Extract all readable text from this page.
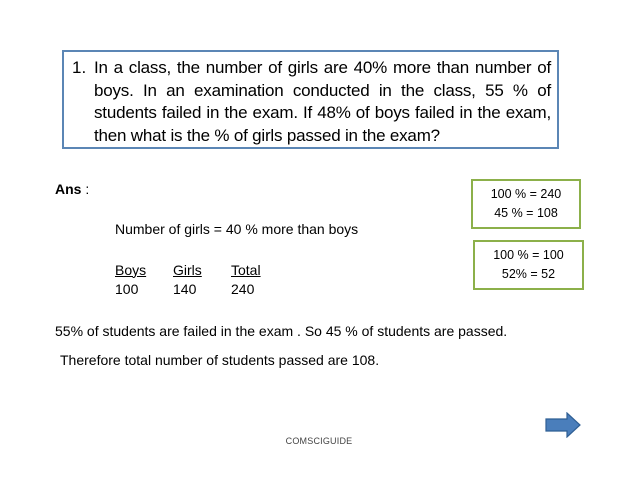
1. In a class, the number of girls are 40% more than number of boys. In an examination conducted in the class, 55 % of students failed in the exam. If 48% of boys failed in the exam, then what is the % of girls passed in the exam?
Ans :
Number of girls = 40 % more than boys
Boys	Girls	Total
100	140	240
55% of students are failed in the exam . So 45 % of students are passed.
Therefore total number of students passed are 108.
100 % = 240
45 % = 108
100 % = 100
52% = 52
COMSCIGUIDE
